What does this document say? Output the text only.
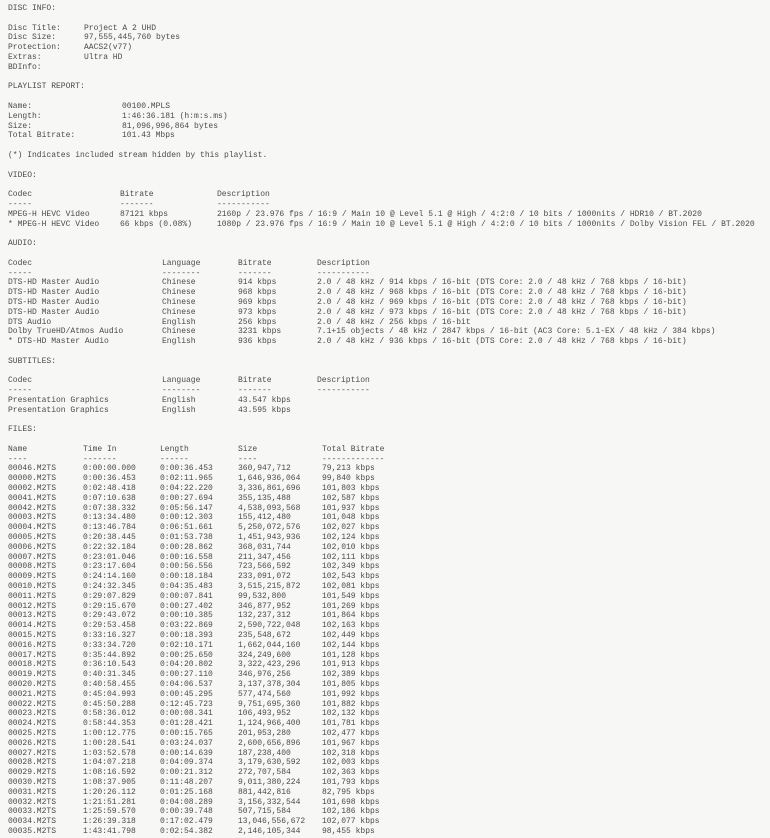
DISC INFO:
Disc Title:	Project A 2 UHD
Disc Size:	97,555,445,760 bytes
Protection:	AACS2(v77)
Extras:	Ultra HD
BDInfo:
PLAYLIST REPORT:
Name:	00100.MPLS
Length:	1:46:36.181 (h:m:s.ms)
Size:	81,096,996,864 bytes
Total Bitrate:	101.43 Mbps
(*) Indicates included stream hidden by this playlist.
VIDEO:
Codec	Bitrate	Description
-----	-------	-----------
MPEG-H HEVC Video	87121 kbps	2160p / 23.976 fps / 16:9 / Main 10 @ Level 5.1 @ High / 4:2:0 / 10 bits / 1000nits / HDR10 / BT.2020
* MPEG-H HEVC Video	66 kbps (0.08%)	1080p / 23.976 fps / 16:9 / Main 10 @ Level 5.1 @ High / 4:2:0 / 10 bits / 1000nits / Dolby Vision FEL / BT.2020
AUDIO:
Codec	Language	Bitrate	Description
-----	--------	-------	-----------
DTS-HD Master Audio	Chinese	914 kbps	2.0 / 48 kHz / 914 kbps / 16-bit (DTS Core: 2.0 / 48 kHz / 768 kbps / 16-bit)
DTS-HD Master Audio	Chinese	968 kbps	2.0 / 48 kHz / 968 kbps / 16-bit (DTS Core: 2.0 / 48 kHz / 768 kbps / 16-bit)
DTS-HD Master Audio	Chinese	969 kbps	2.0 / 48 kHz / 969 kbps / 16-bit (DTS Core: 2.0 / 48 kHz / 768 kbps / 16-bit)
DTS-HD Master Audio	Chinese	973 kbps	2.0 / 48 kHz / 973 kbps / 16-bit (DTS Core: 2.0 / 48 kHz / 768 kbps / 16-bit)
DTS Audio	English	256 kbps	2.0 / 48 kHz / 256 kbps / 16-bit
Dolby TrueHD/Atmos Audio	Chinese	3231 kbps	7.1+15 objects / 48 kHz / 2847 kbps / 16-bit (AC3 Core: 5.1-EX / 48 kHz / 384 kbps)
* DTS-HD Master Audio	English	936 kbps	2.0 / 48 kHz / 936 kbps / 16-bit (DTS Core: 2.0 / 48 kHz / 768 kbps / 16-bit)
SUBTITLES:
Codec	Language	Bitrate	Description
-----	--------	-------	-----------
Presentation Graphics	English	43.547 kbps
Presentation Graphics	English	43.595 kbps
FILES:
Name	Time In	Length	Size	Total Bitrate
----	-------	------	----	-------------
00046.M2TS	0:00:00.000	0:00:36.453	360,947,712	79,213 kbps
00000.M2TS	0:00:36.453	0:02:11.965	1,646,936,064	99,840 kbps
00002.M2TS	0:02:48.418	0:04:22.220	3,336,861,696	101,803 kbps
00041.M2TS	0:07:10.638	0:00:27.694	355,135,488	102,587 kbps
00042.M2TS	0:07:38.332	0:05:56.147	4,538,093,568	101,937 kbps
00003.M2TS	0:13:34.480	0:00:12.303	155,412,480	101,048 kbps
00004.M2TS	0:13:46.784	0:06:51.661	5,250,072,576	102,027 kbps
00005.M2TS	0:20:38.445	0:01:53.738	1,451,943,936	102,124 kbps
00006.M2TS	0:22:32.184	0:00:28.862	368,031,744	102,010 kbps
00007.M2TS	0:23:01.046	0:00:16.558	211,347,456	102,111 kbps
00008.M2TS	0:23:17.604	0:00:56.556	723,566,592	102,349 kbps
00009.M2TS	0:24:14.160	0:00:18.184	233,091,072	102,543 kbps
00010.M2TS	0:24:32.345	0:04:35.483	3,515,215,872	102,081 kbps
00011.M2TS	0:29:07.829	0:00:07.841	99,532,800	101,549 kbps
00012.M2TS	0:29:15.670	0:00:27.402	346,877,952	101,269 kbps
00013.M2TS	0:29:43.072	0:00:10.385	132,237,312	101,864 kbps
00014.M2TS	0:29:53.458	0:03:22.869	2,590,722,048	102,163 kbps
00015.M2TS	0:33:16.327	0:00:18.393	235,548,672	102,449 kbps
00016.M2TS	0:33:34.720	0:02:10.171	1,662,044,160	102,144 kbps
00017.M2TS	0:35:44.892	0:00:25.650	324,249,600	101,128 kbps
00018.M2TS	0:36:10.543	0:04:20.802	3,322,423,296	101,913 kbps
00019.M2TS	0:40:31.345	0:00:27.110	346,976,256	102,389 kbps
00020.M2TS	0:40:58.455	0:04:06.537	3,137,378,304	101,805 kbps
00021.M2TS	0:45:04.993	0:00:45.295	577,474,560	101,992 kbps
00022.M2TS	0:45:50.288	0:12:45.723	9,751,695,360	101,882 kbps
00023.M2TS	0:58:36.012	0:00:08.341	106,493,952	102,132 kbps
00024.M2TS	0:58:44.353	0:01:28.421	1,124,966,400	101,781 kbps
00025.M2TS	1:00:12.775	0:00:15.765	201,953,280	102,477 kbps
00026.M2TS	1:00:28.541	0:03:24.037	2,600,656,896	101,967 kbps
00027.M2TS	1:03:52.578	0:00:14.639	187,238,400	102,318 kbps
00028.M2TS	1:04:07.218	0:04:09.374	3,179,630,592	102,003 kbps
00029.M2TS	1:08:16.592	0:00:21.312	272,707,584	102,363 kbps
00030.M2TS	1:08:37.905	0:11:48.207	9,011,380,224	101,793 kbps
00031.M2TS	1:20:26.112	0:01:25.168	881,442,816	82,795 kbps
00032.M2TS	1:21:51.281	0:04:08.289	3,156,332,544	101,698 kbps
00033.M2TS	1:25:59.570	0:00:39.748	507,715,584	102,186 kbps
00034.M2TS	1:26:39.318	0:17:02.479	13,046,556,672	102,077 kbps
00035.M2TS	1:43:41.798	0:02:54.382	2,146,105,344	98,455 kbps
